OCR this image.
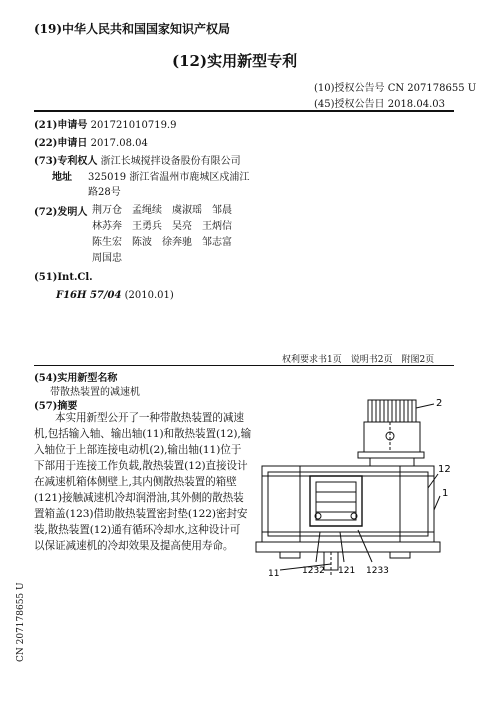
(19)中华人民共和国国家知识产权局
(12)实用新型专利
(10)授权公告号 CN 207178655 U
(45)授权公告日 2018.04.03
(21)申请号 201721010719.9
(22)申请日 2017.08.04
(73)专利权人 浙江长城搅拌设备股份有限公司
地址 325019 浙江省温州市鹿城区戍浦江
路28号
(72)发明人 荆万仓　孟绳续　虞淑瑶　邹晨
林苏奔　王勇兵　吴亮　王炳信
陈生宏　陈波　徐奔驰　邹志富
周国忠
(51)Int.Cl.
F16H 57/04 (2010.01)
权利要求书1页　说明书2页　附图2页
(54)实用新型名称
带散热装置的减速机
(57)摘要
　　本实用新型公开了一种带散热装置的减速
机,包括输入轴、输出轴(11)和散热装置(12),输
入轴位于上部连接电动机(2),输出轴(11)位于
下部用于连接工作负载,散热装置(12)直接设计
在减速机箱体侧壁上,其内侧散热装置的箱壁
(121)接触减速机冷却润滑油,其外侧的散热装
置箱盖(123)借助散热装置密封垫(122)密封安
装,散热装置(12)通有循环冷却水,这种设计可
以保证减速机的冷却效果及提高使用寿命。
2
12
1
11	1232 121 1233
CN 207178655 U
